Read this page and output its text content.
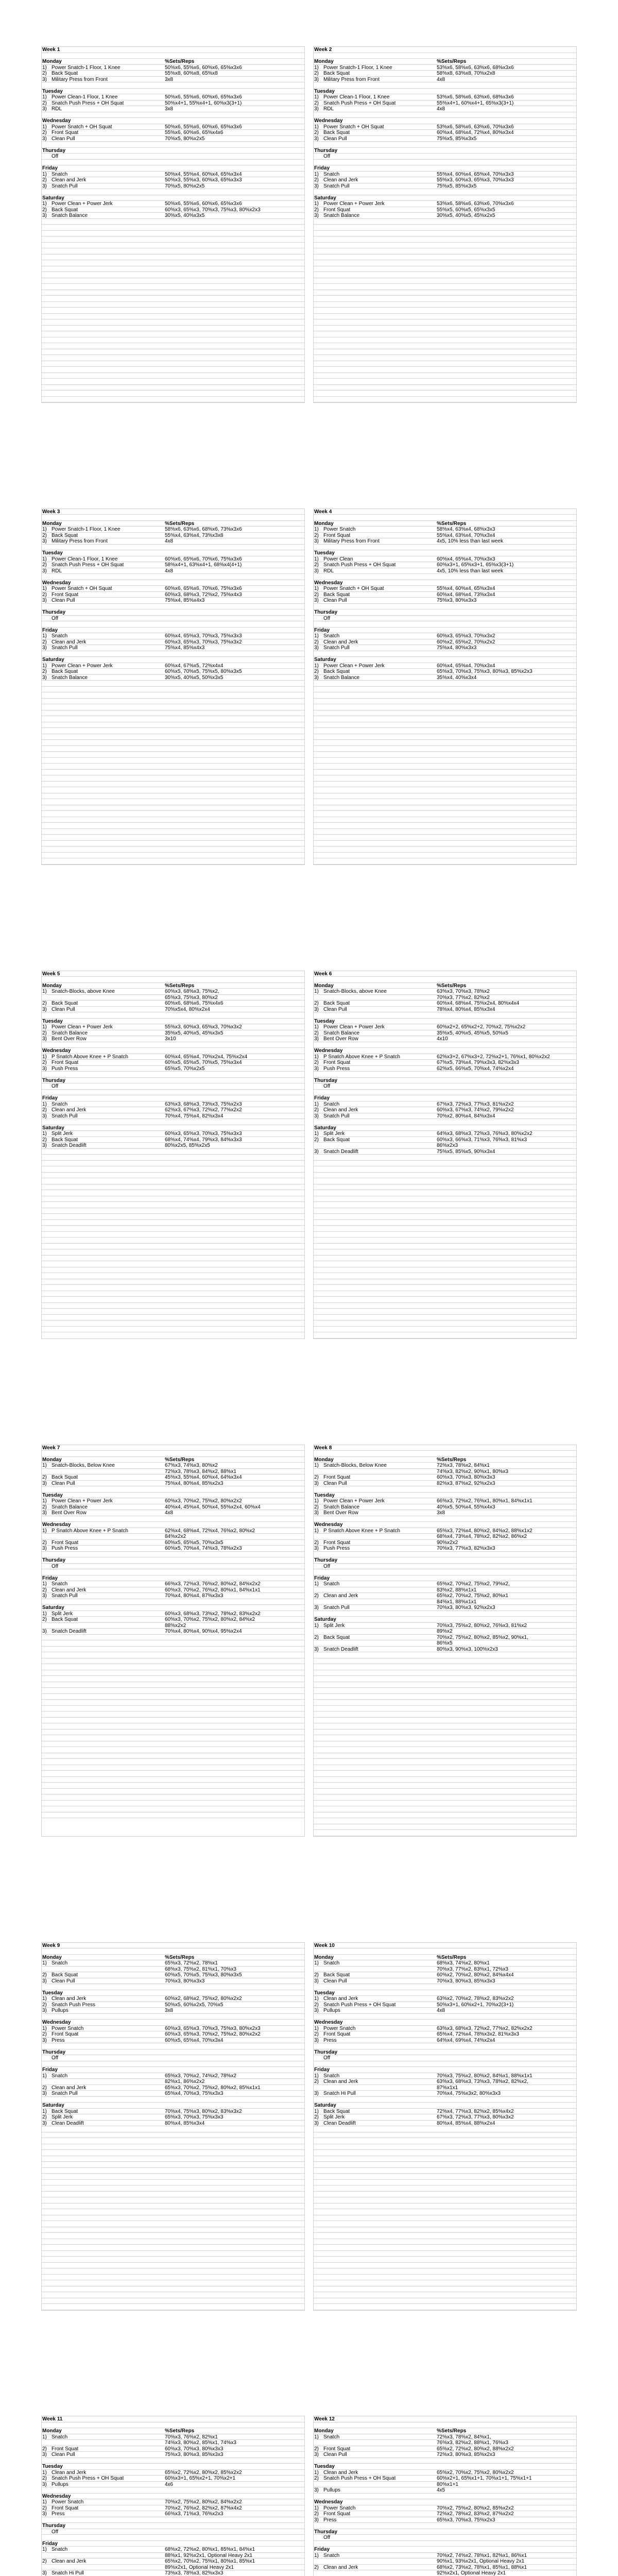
Week 1
Monday	%Sets/Reps
1) Power Snatch-1 Floor, 1 Knee	50%x6, 55%x6, 60%x6, 65%x3x6
2) Back Squat	55%x8, 60%x8, 65%x8
3) Military Press from Front	3x8
Tuesday
1) Power Clean-1 Floor, 1 Knee	50%x6, 55%x6, 60%x6, 65%x3x6
2) Snatch Push Press + OH Squat	50%x4+1, 55%x4+1, 60%x3(3+1)
3) RDL	3x8
Wednesday
1) Power Snatch + OH Squat	50%x6, 55%x6, 60%x6, 65%x3x6
2) Front Squat	55%x6, 60%x6, 65%x4x6
3) Clean Pull	70%x5, 80%x2x5
Thursday
Off
Friday
1) Snatch	50%x4, 55%x4, 60%x4, 65%x3x4
2) Clean and Jerk	50%x3, 55%x3, 60%x3, 65%x3x3
3) Snatch Pull	70%x5, 80%x2x5
Saturday
1) Power Clean + Power Jerk	50%x6, 55%x6, 60%x6, 65%x3x6
2) Back Squat	60%x3, 65%x3, 70%x3, 75%x3, 80%x2x3
3) Snatch Balance	30%x5, 40%x3x5
Week 2
Monday	%Sets/Reps
1) Power Snatch-1 Floor, 1 Knee	53%x6, 58%x6, 63%x6, 68%x3x6
2) Back Squat	58%x8, 63%x8, 70%x2x8
3) Military Press from Front	4x8
Tuesday
1) Power Clean-1 Floor, 1 Knee	53%x6, 58%x6, 63%x6, 68%x3x6
2) Snatch Push Press + OH Squat	55%x4+1, 60%x4+1, 65%x3(3+1)
3) RDL	4x8
Wednesday
1) Power Snatch + OH Squat	53%x6, 58%x6, 63%x6, 70%x3x6
2) Back Squat	60%x4, 68%x4, 72%x4, 80%x3x4
3) Clean Pull	75%x5, 85%x3x5
Thursday
Off
Friday
1) Snatch	55%x4, 60%x4, 65%x4, 70%x3x3
2) Clean and Jerk	55%x3, 60%x3, 65%x3, 70%x3x3
3) Snatch Pull	75%x5, 85%x3x5
Saturday
1) Power Clean + Power Jerk	53%x6, 58%x6, 63%x6, 70%x3x6
2) Front Squat	55%x5, 60%x5, 65%x3x5
3) Snatch Balance	30%x5, 40%x5, 45%x2x5
Week 3
Monday	%Sets/Reps
1) Power Snatch-1 Floor, 1 Knee	58%x6, 63%x6, 68%x6, 73%x3x6
2) Back Squat	55%x4, 63%x4, 73%x3x8
3) Military Press from Front	4x8
Tuesday
1) Power Clean-1 Floor, 1 Knee	60%x6, 65%x6, 70%x6, 75%x3x6
2) Snatch Push Press + OH Squat	58%x4+1, 63%x4+1, 68%x4(4+1)
3) RDL	4x8
Wednesday
1) Power Snatch + OH Squat	60%x6, 65%x6, 70%x6, 75%x3x6
2) Front Squat	60%x3, 68%x3, 72%x2, 75%x4x3
3) Clean Pull	75%x4, 85%x4x3
Thursday
Off
Friday
1) Snatch	60%x4, 65%x3, 70%x3, 75%x3x3
2) Clean and Jerk	60%x3, 65%x3, 70%x3, 75%x3x2
3) Snatch Pull	75%x4, 85%x4x3
Saturday
1) Power Clean + Power Jerk	60%x4, 67%x5, 72%x4x4
2) Back Squat	60%x5, 70%x5, 75%x5, 80%x3x5
3) Snatch Balance	30%x5, 40%x5, 50%x3x5
Week 4
Monday	%Sets/Reps
1) Power Snatch	58%x4, 63%x4, 68%x3x3
2) Front Squat	55%x4, 63%x4, 70%x3x4
3) Military Press from Front	4x5, 10% less than last week
Tuesday
1) Power Clean	60%x4, 65%x4, 70%x3x3
2) Snatch Push Press + OH Squat	60%x3+1, 65%x3+1, 65%x3(3+1)
3) RDL	4x5, 10% less than last week
Wednesday
1) Power Snatch + OH Squat	55%x4, 60%x4, 65%x3x4
2) Back Squat	60%x4, 68%x4, 73%x3x4
3) Clean Pull	75%x3, 80%x3x3
Thursday
Off
Friday
1) Snatch	60%x3, 65%x3, 70%x3x2
2) Clean and Jerk	60%x2, 65%x2, 70%x2x2
3) Snatch Pull	75%x4, 80%x3x3
Saturday
1) Power Clean + Power Jerk	60%x4, 65%x4, 70%x3x4
2) Back Squat	65%x3, 70%x3, 75%x3, 80%x3, 85%x2x3
3) Snatch Balance	35%x4, 40%x3x4
Week 5
Monday	%Sets/Reps
1) Snatch-Blocks, above Knee	60%x3, 68%x3, 75%x2,
65%x3, 75%x3, 80%x2
2) Back Squat	60%x6, 68%x6, 75%x4x6
3) Clean Pull	70%x5x4, 80%x2x4
Tuesday
1) Power Clean + Power Jerk	55%x3, 60%x3, 65%x3, 70%x3x2
2) Snatch Balance	35%x5, 40%x5, 45%x3x5
3) Bent Over Row	3x10
Wednesday
1) P Snatch Above Knee + P Snatch	60%x4, 65%x4, 70%x2x4, 75%x2x4
2) Front Squat	60%x5, 65%x5, 70%x5, 75%x3x4
3) Push Press	65%x5, 70%x2x5
Thursday
Off
Friday
1) Snatch	63%x3, 68%x3, 73%x3, 75%x2x3
2) Clean and Jerk	62%x3, 67%x3, 72%x2, 77%x2x2
3) Snatch Pull	70%x4, 75%x4, 82%x3x4
Saturday
1) Split Jerk	60%x3, 65%x3, 70%x3, 75%x3x3
2) Back Squat	68%x4, 74%x4, 79%x3, 84%x3x3
3) Snatch Deadlift	80%x2x5, 85%x2x5
Week 6
Monday	%Sets/Reps
1) Snatch-Blocks, above Knee	63%x3, 70%x3, 78%x2
70%x3, 77%x2, 82%x2
2) Back Squat	60%x4, 68%x4, 75%x2x4, 80%x4x4
3) Clean Pull	78%x4, 80%x4, 85%x3x4
Tuesday
1) Power Clean + Power Jerk	60%x2+2, 65%x2+2, 70%x2, 75%x2x2
2) Snatch Balance	35%x5, 40%x5, 45%x5, 50%x5
3) Bent Over Row	4x10
Wednesday
1) P Snatch Above Knee + P Snatch	62%x3+2, 67%x3+2, 72%x2+1, 76%x1, 80%x2x2
2) Front Squat	67%x5, 73%x4, 79%x3x3, 82%x3x3
3) Push Press	62%x5, 66%x5, 70%x4, 74%x2x4
Thursday
Off
Friday
1) Snatch	67%x3, 72%x3, 77%x3, 81%x2x2
2) Clean and Jerk	60%x3, 67%x3, 74%x2, 79%x2x2
3) Snatch Pull	70%x2, 80%x4, 84%x3x4
Saturday
1) Split Jerk	64%x3, 68%x3, 72%x3, 76%x3, 80%x2x2
2) Back Squat	60%x3, 66%x3, 71%x3, 76%x3, 81%x3
86%x2x3
3) Snatch Deadlift	75%x5, 85%x5, 90%x3x4
Week 7
Monday	%Sets/Reps
1) Snatch-Blocks, Below Knee	67%x3, 74%x3, 80%x2
72%x3, 78%x3, 84%x2, 88%x1
2) Back Squat	45%x3, 55%x4, 60%x4, 64%x3x4
3) Clean Pull	75%x4, 80%x4, 85%x2x3
Tuesday
1) Power Clean + Power Jerk	60%x3, 70%x2, 75%x2, 80%x2x2
2) Snatch Balance	40%x4, 45%x4, 50%x4, 55%x2x4, 60%x4
3) Bent Over Row	4x8
Wednesday
1) P Snatch Above Knee + P Snatch	62%x4, 68%x4, 72%x4, 76%x2, 80%x2
84%x2x2
2) Front Squat	60%x5, 65%x5, 70%x3x5
3) Push Press	60%x5, 70%x4, 74%x3, 78%x2x3
Thursday
Off
Friday
1) Snatch	66%x3, 72%x3, 76%x2, 80%x2, 84%x2x2
2) Clean and Jerk	60%x3, 70%x2, 76%x2, 80%x1, 84%x1x1
3) Snatch Pull	70%x4, 80%x4, 87%x3x3
Saturday
1) Split Jerk	60%x3, 68%x3, 73%x2, 78%x2, 83%x2x2
2) Back Squat	60%x3, 70%x2, 75%x2, 80%x2, 84%x2
88%x2x2
3) Snatch Deadlift	70%x4, 80%x4, 90%x4, 95%x2x4
Week 8
Monday	%Sets/Reps
1) Snatch-Blocks, Below Knee	72%x3, 78%x2, 84%x1
74%x3, 82%x2, 90%x1, 80%x3
2) Front Squat	60%x3, 70%x3, 80%x3x3
3) Clean Pull	82%x3, 87%x2, 92%x2x3
Tuesday
1) Power Clean + Power Jerk	66%x3, 72%x2, 76%x1, 80%x1, 84%x1x1
2) Snatch Balance	40%x5, 50%x4, 55%x4x3
3) Bent Over Row	3x8
Wednesday
1) P Snatch Above Knee + P Snatch	65%x3, 72%x4, 80%x2, 84%x2, 88%x1x2
68%x4, 73%x4, 78%x2, 82%x2, 86%x2
2) Front Squat	90%x2x2
3) Push Press	70%x3, 77%x3, 82%x3x3
Thursday
Off
Friday
1) Snatch	65%x2, 70%x2, 75%x2, 79%x2,
83%x2, 88%x1x1
2) Clean and Jerk	65%x2, 70%x2, 75%x2, 80%x1
84%x1, 88%x1x1
3) Snatch Pull	70%x3, 80%x3, 92%x2x3
Saturday
1) Split Jerk	70%x3, 75%x2, 80%x2, 76%x3, 81%x2
89%x2
2) Back Squat	70%x2, 75%x2, 80%x2, 85%x2, 90%x1,
86%x5
3) Snatch Deadlift	80%x3, 90%x3, 100%x2x3
Week 9
Monday	%Sets/Reps
1) Snatch	65%x3, 72%x2, 78%x1
68%x3, 75%x2, 81%x1, 70%x3
2) Back Squat	60%x5, 70%x5, 75%x3, 80%x3x5
3) Clean Pull	70%x3, 80%x3x3
Tuesday
1) Clean and Jerk	60%x2, 68%x2, 75%x2, 80%x2x2
2) Snatch Push Press	50%x5, 60%x2x5, 70%x5
3) Pullups	3x8
Wednesday
1) Power Snatch	60%x3, 65%x3, 70%x3, 75%x3, 80%x2x3
2) Front Squat	60%x3, 65%x3, 70%x2, 75%x2, 80%x2x2
3) Press	60%x5, 65%x4, 70%x3x4
Thursday
Off
Friday
1) Snatch	65%x3, 70%x2, 74%x2, 78%x2
82%x1, 86%x2x2
2) Clean and Jerk	65%x3, 70%x2, 75%x2, 80%x2, 85%x1x1
3) Snatch Pull	65%x4, 70%x3, 75%x3x3
Saturday
1) Back Squat	70%x4, 75%x3, 80%x2, 83%x3x2
2) Split Jerk	65%x3, 70%x3, 75%x3x3
3) Clean Deadlift	80%x4, 85%x3x4
Week 10
Monday	%Sets/Reps
1) Snatch	68%x3, 74%x2, 80%x1
70%x3, 77%x2, 83%x1, 72%x3
2) Back Squat	60%x2, 70%x2, 80%x2, 84%x4x4
3) Clean Pull	70%x3, 80%x3, 85%x3x3
Tuesday
1) Clean and Jerk	63%x2, 70%x2, 78%x2, 83%x2x2
2) Snatch Push Press + OH Squat	50%x3+1, 60%x2+1, 70%x2(3+1)
3) Pullups	4x8
Wednesday
1) Power Snatch	63%x3, 68%x3, 72%x2, 77%x2, 82%x2x2
2) Front Squat	65%x4, 72%x4, 78%x3x2, 81%x3x3
3) Press	64%x4, 69%x4, 74%x2x4
Thursday
Off
Friday
1) Snatch	70%x3, 75%x2, 80%x2, 84%x1, 88%x1x1
2) Clean and Jerk	63%x3, 68%x3, 73%x3, 78%x2, 82%x2,
87%x1x1
3) Snatch Hi Pull	70%x4, 75%x3x2, 80%x3x3
Saturday
1) Back Squat	72%x4, 77%x3, 82%x2, 85%x4x2
2) Split Jerk	67%x3, 72%x3, 77%x3, 80%x3x2
3) Clean Deadlift	80%x4, 85%x4, 88%x2x4
Week 11
Monday	%Sets/Reps
1) Snatch	70%x3, 76%x2, 82%x1
74%x3, 80%x2, 85%x1, 74%x3
2) Front Squat	60%x3, 70%x3, 80%x3x3
3) Clean Pull	75%x3, 80%x3, 85%x3x3
Tuesday
1) Clean and Jerk	65%x2, 72%x2, 80%x2, 85%x2x2
2) Snatch Push Press + OH Squat	60%x3+1, 65%x2+1, 70%x2+1
3) Pullups	4x6
Wednesday
1) Power Snatch	70%x2, 75%x2, 80%x2, 84%x2x2
2) Front Squat	70%x2, 76%x2, 82%x2, 87%x4x2
3) Press	66%x3, 71%x3, 76%x2x3
Thursday
Off
Friday
1) Snatch	68%x2, 72%x2, 80%x1, 85%x1, 84%x1
88%x1, 92%x2x1, Optional Heavy 2x1
2) Clean and Jerk	65%x2, 70%x2, 75%x1, 80%x1, 85%x1
89%x2x1, Optional Heavy 2x1
3) Snatch Hi Pull	73%x3, 78%x3, 82%x3x3
Week 12
Monday	%Sets/Reps
1) Snatch	72%x3, 78%x2, 84%x1,
76%x3, 82%x2, 88%x1, 76%x3
2) Front Squat	65%x2, 72%x2, 80%x2, 88%x2x2
3) Clean Pull	72%x3, 80%x3, 85%x2x3
Tuesday
1) Clean and Jerk	65%x2, 70%x2, 75%x2, 80%x2x2
2) Snatch Push Press + OH Squat	60%x2+1, 65%x1+1, 70%x1+1, 75%x1+1
80%x1+1
3) Pullups	4x5
Wednesday
1) Power Snatch	70%x2, 75%x2, 80%x2, 85%x2x2
2) Front Squat	72%x2, 78%x2, 83%x2, 87%x2x2
3) Press	65%x3, 70%x3, 75%x2x3
Thursday
Off
Friday
1) Snatch	70%x2, 74%x2, 78%x1, 82%x1, 86%x1
90%x1, 93%x2x1, Optional Heavy 2x1
2) Clean and Jerk	68%x2, 73%x2, 78%x1, 85%x1, 88%x1
92%x2x1, Optional Heavy 2x1
